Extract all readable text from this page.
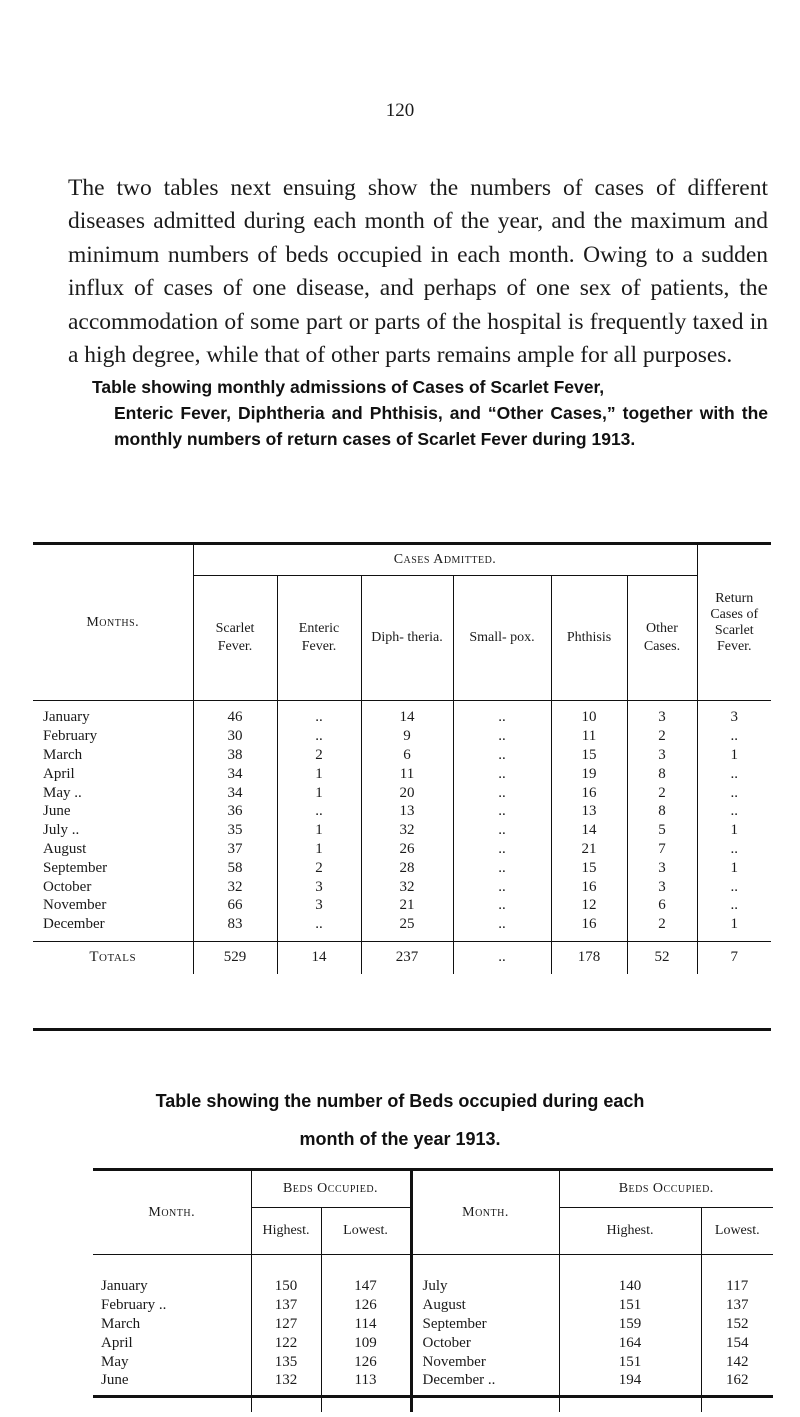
120

The two tables next ensuing show the numbers of cases of different diseases admitted during each month of the year, and the maximum and minimum numbers of beds occupied in each month. Owing to a sudden influx of cases of one disease, and perhaps of one sex of patients, the accommodation of some part or parts of the hospital is frequently taxed in a high degree, while that of other parts remains ample for all purposes.

Table showing monthly admissions of Cases of Scarlet Fever,
Enteric Fever, Diphtheria and Phthisis, and “Other Cases,” together with the monthly numbers of return cases of Scarlet Fever during 1913.
Months.	Cases Admitted.						Return Cases of Scarlet Fever.
	Scarlet Fever.	Enteric Fever.	Diph- theria.	Small- pox.	Phthisis	Other Cases.	

January	46	..	14	..	10	3	3
February	30	..	9	..	11	2	..
March	38	2	6	..	15	3	1
April	34	1	11	..	19	8	..
May ..	34	1	20	..	16	2	..
June	36	..	13	..	13	8	..
July ..	35	1	32	..	14	5	1
August	37	1	26	..	21	7	..
September	58	2	28	..	15	3	1
October	32	3	32	..	16	3	..
November	66	3	21	..	12	6	..
December	83	..	25	..	16	2	1

Totals	529	14	237	..	178	52	7
Table showing the number of Beds occupied during each
month of the year 1913.
Month.	Beds Occupied.		Month.	Beds Occupied.	
	Highest.	Lowest.		Highest.	Lowest.

January	150	147	July	140	117
February ..	137	126	August	151	137
March	127	114	September	159	152
April	122	109	October	164	154
May	135	126	November	151	142
June	132	113	December ..	194	162
